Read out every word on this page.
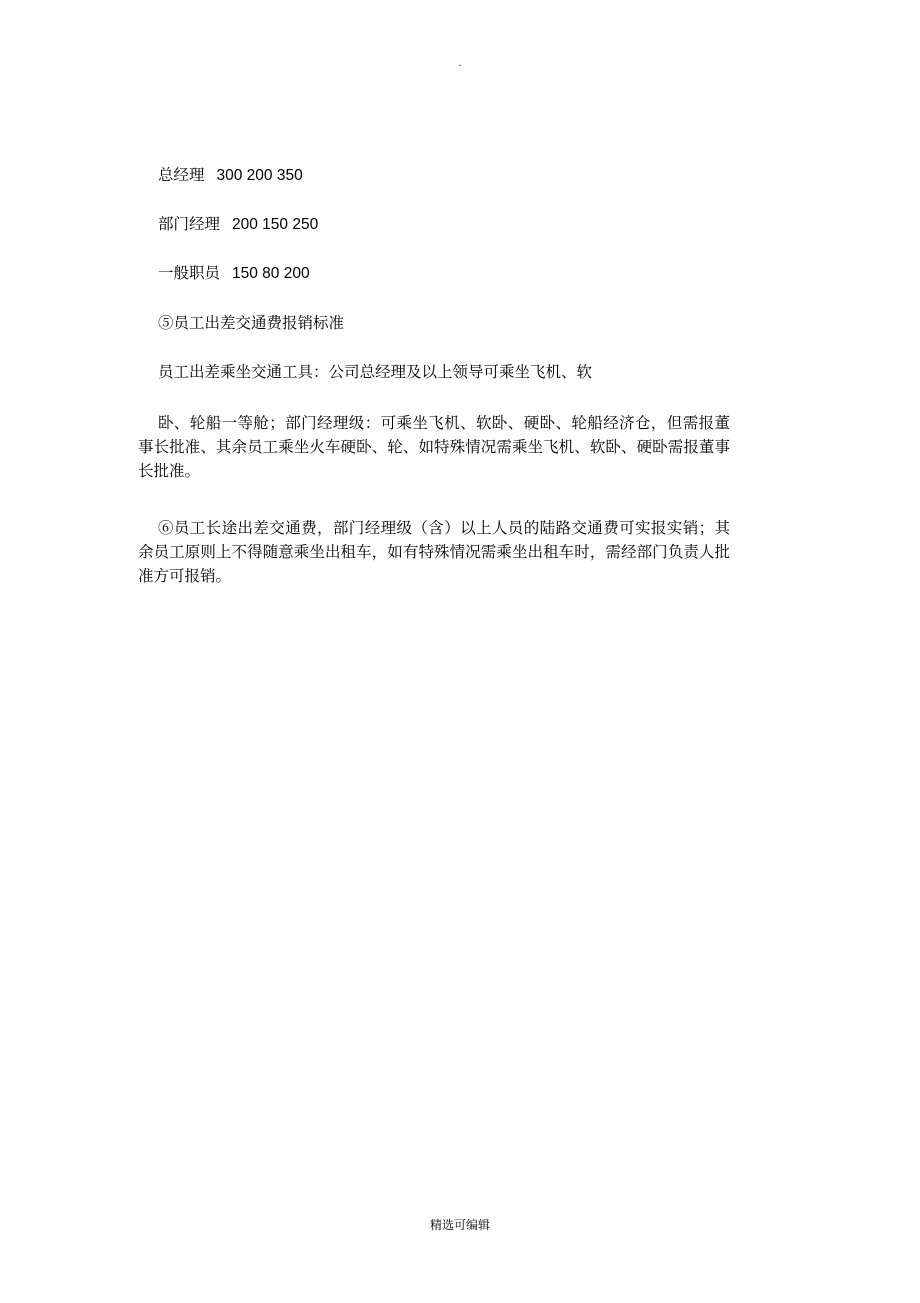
.
总经理 300 200 350
部门经理 200 150 250
一般职员 150 80 200
⑤员工出差交通费报销标准
员工出差乘坐交通工具：公司总经理及以上领导可乘坐飞机、软

卧、轮船一等舱；部门经理级：可乘坐飞机、软卧、硬卧、轮船经济仓，但需报董事长批准、其余员工乘坐火车硬卧、轮、如特殊情况需乘坐飞机、软卧、硬卧需报董事长批准。

⑥员工长途出差交通费，部门经理级（含）以上人员的陆路交通费可实报实销；其余员工原则上不得随意乘坐出租车，如有特殊情况需乘坐出租车时，需经部门负责人批准方可报销。

精选可编辑
